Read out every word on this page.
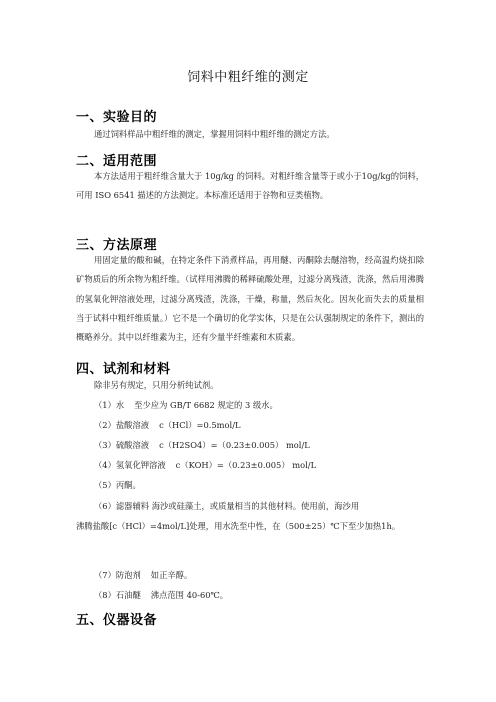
饲料中粗纤维的测定
一、实验目的
通过饲料样品中粗纤维的测定，掌握用饲料中粗纤维的测定方法。
二、适用范围
本方法适用于粗纤维含量大于 10g/kg 的饲料。对粗纤维含量等于或小于10g/kg的饲料，可用 ISO 6541 描述的方法测定。本标准还适用于谷物和豆类植物。
三、方法原理
用固定量的酸和碱，在特定条件下消煮样品，再用醚、丙酮除去醚溶物，经高温灼烧扣除矿物质后的所余物为粗纤维。（试样用沸腾的稀释硫酸处理，过滤分离残渣，洗涤，然后用沸腾的氢氧化钾溶液处理，过滤分离残渣，洗涤，干燥，称量，然后灰化。因灰化而失去的质量相当于试料中粗纤维质量。）它不是一个确切的化学实体，只是在公认强制规定的条件下，测出的概略养分。其中以纤维素为主，还有少量半纤维素和木质素。
四、试剂和材料
除非另有规定，只用分析纯试剂。
（1）水 至少应为 GB/T 6682 规定的 3 级水。
（2）盐酸溶液 c（HCl）=0.5mol/L
（3）硫酸溶液 c（H2SO4）=（0.23±0.005） mol/L
（4）氢氧化钾溶液 c（KOH）=（0.23±0.005） mol/L
（5）丙酮。
（6）滤器辅料 海沙或硅藻土，或质量相当的其他材料。使用前，海沙用
沸腾盐酸[c（HCl）=4mol/L]处理，用水洗至中性，在（500±25）℃下至少加热1h。
（7）防泡剂 如正辛醇。
（8）石油醚 沸点范围 40-60℃。
五、仪器设备
